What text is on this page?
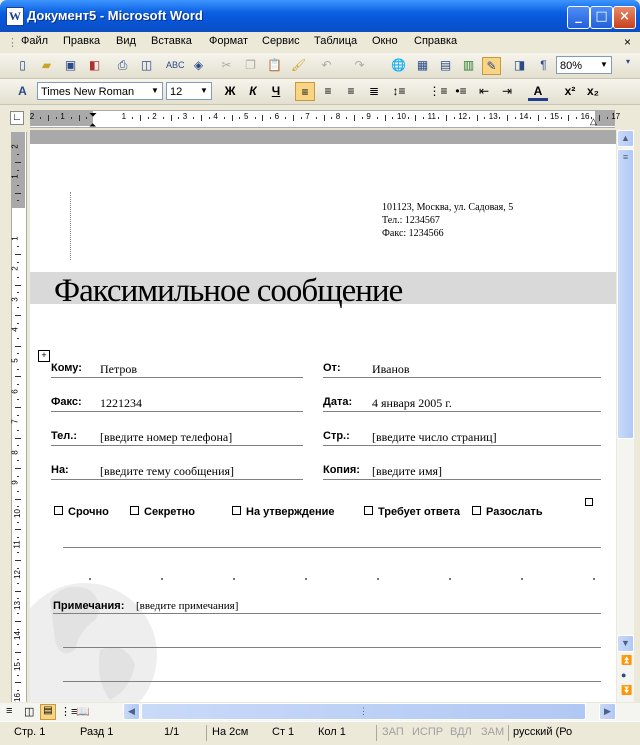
W Документ5 - Microsoft Word	_	□ ×
⋮ Файл Правка Вид Вставка Формат Сервис Таблица Окно Справка	×
▯	▰	▣ ◧	⎙	◫	ABC ◈	✂ ❐ 📋 🖌 ↶ ↷ 🌐 ▦ ▤ ▥	✎	◨	¶	80% ▼ ▾
A	Times New Roman ▼	12 ▼	Ж	К	Ч	≡	≡	≡	≣	↕≡ ⋮≡ •≡	⇤	⇥	A	x² x₂
∟ 2	1	1	2	3	4	5	6	7	8	9	10	11	12	13	14	15	16	17
⏷
⏶	△
2
1
1
2
3
4
5
6
7
8
9
10
11
12
13
14
15
16
101123, Москва, ул. Садовая, 5
Тел.: 1234567
Факс: 1234566
Факсимильное сообщение
+
Кому: Петров	От:	Иванов
Факс: 1221234	Дата: 4 января 2005 г.
Тел.: [введите номер телефона]	Стр.: [введите число страниц]
На:	[введите тему сообщения]	Копия: [введите имя]
Срочно	Секретно	На утверждение	Требует ответа	Разослать
Примечания: [введите примечания]
▲
≡
▼
⏫
●
⏬
≡ ◫ ▤ ⋮≡
📖	◀	⋮	▶
Стр. 1	Разд 1	1/1	На 2см Ст 1 Кол 1	ЗАП ИСПР ВДЛ ЗАМ русский (Ро
